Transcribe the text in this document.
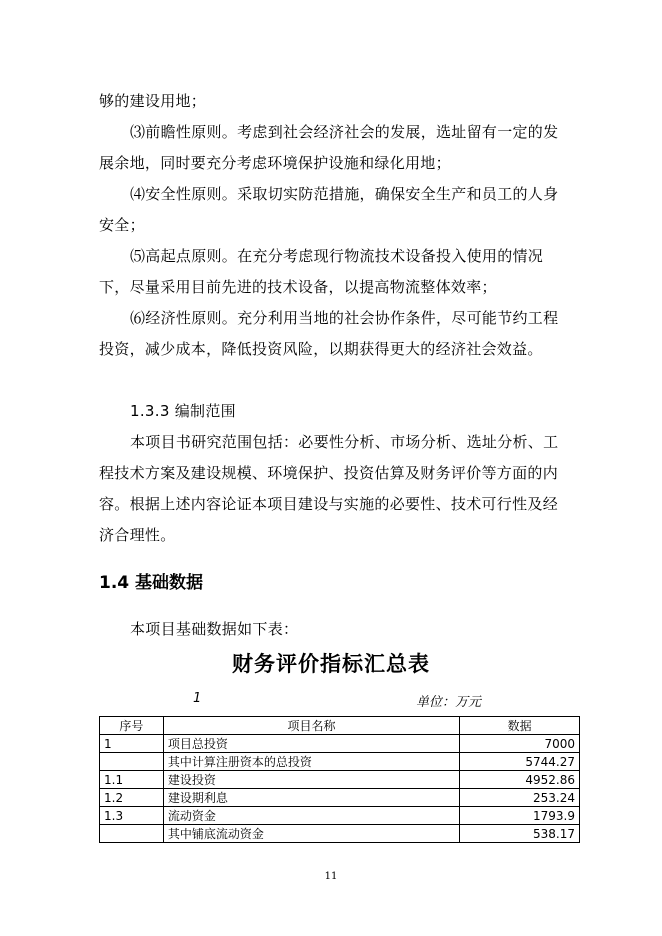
够的建设用地；

⑶前瞻性原则。考虑到社会经济社会的发展，选址留有一定的发展余地，同时要充分考虑环境保护设施和绿化用地；

⑷安全性原则。采取切实防范措施，确保安全生产和员工的人身安全；

⑸高起点原则。在充分考虑现行物流技术设备投入使用的情况下，尽量采用目前先进的技术设备，以提高物流整体效率；

⑹经济性原则。充分利用当地的社会协作条件，尽可能节约工程投资，减少成本，降低投资风险，以期获得更大的经济社会效益。

1.3.3 编制范围

本项目书研究范围包括：必要性分析、市场分析、选址分析、工程技术方案及建设规模、环境保护、投资估算及财务评价等方面的内容。根据上述内容论证本项目建设与实施的必要性、技术可行性及经济合理性。

1.4 基础数据

本项目基础数据如下表：

财务评价指标汇总表
1	单位：万元
序号	项目名称	数据
1	项目总投资	7000
	其中计算注册资本的总投资	5744.27
1.1	建设投资	4952.86
1.2	建设期利息	253.24
1.3	流动资金	1793.9
	其中铺底流动资金	538.17
11
